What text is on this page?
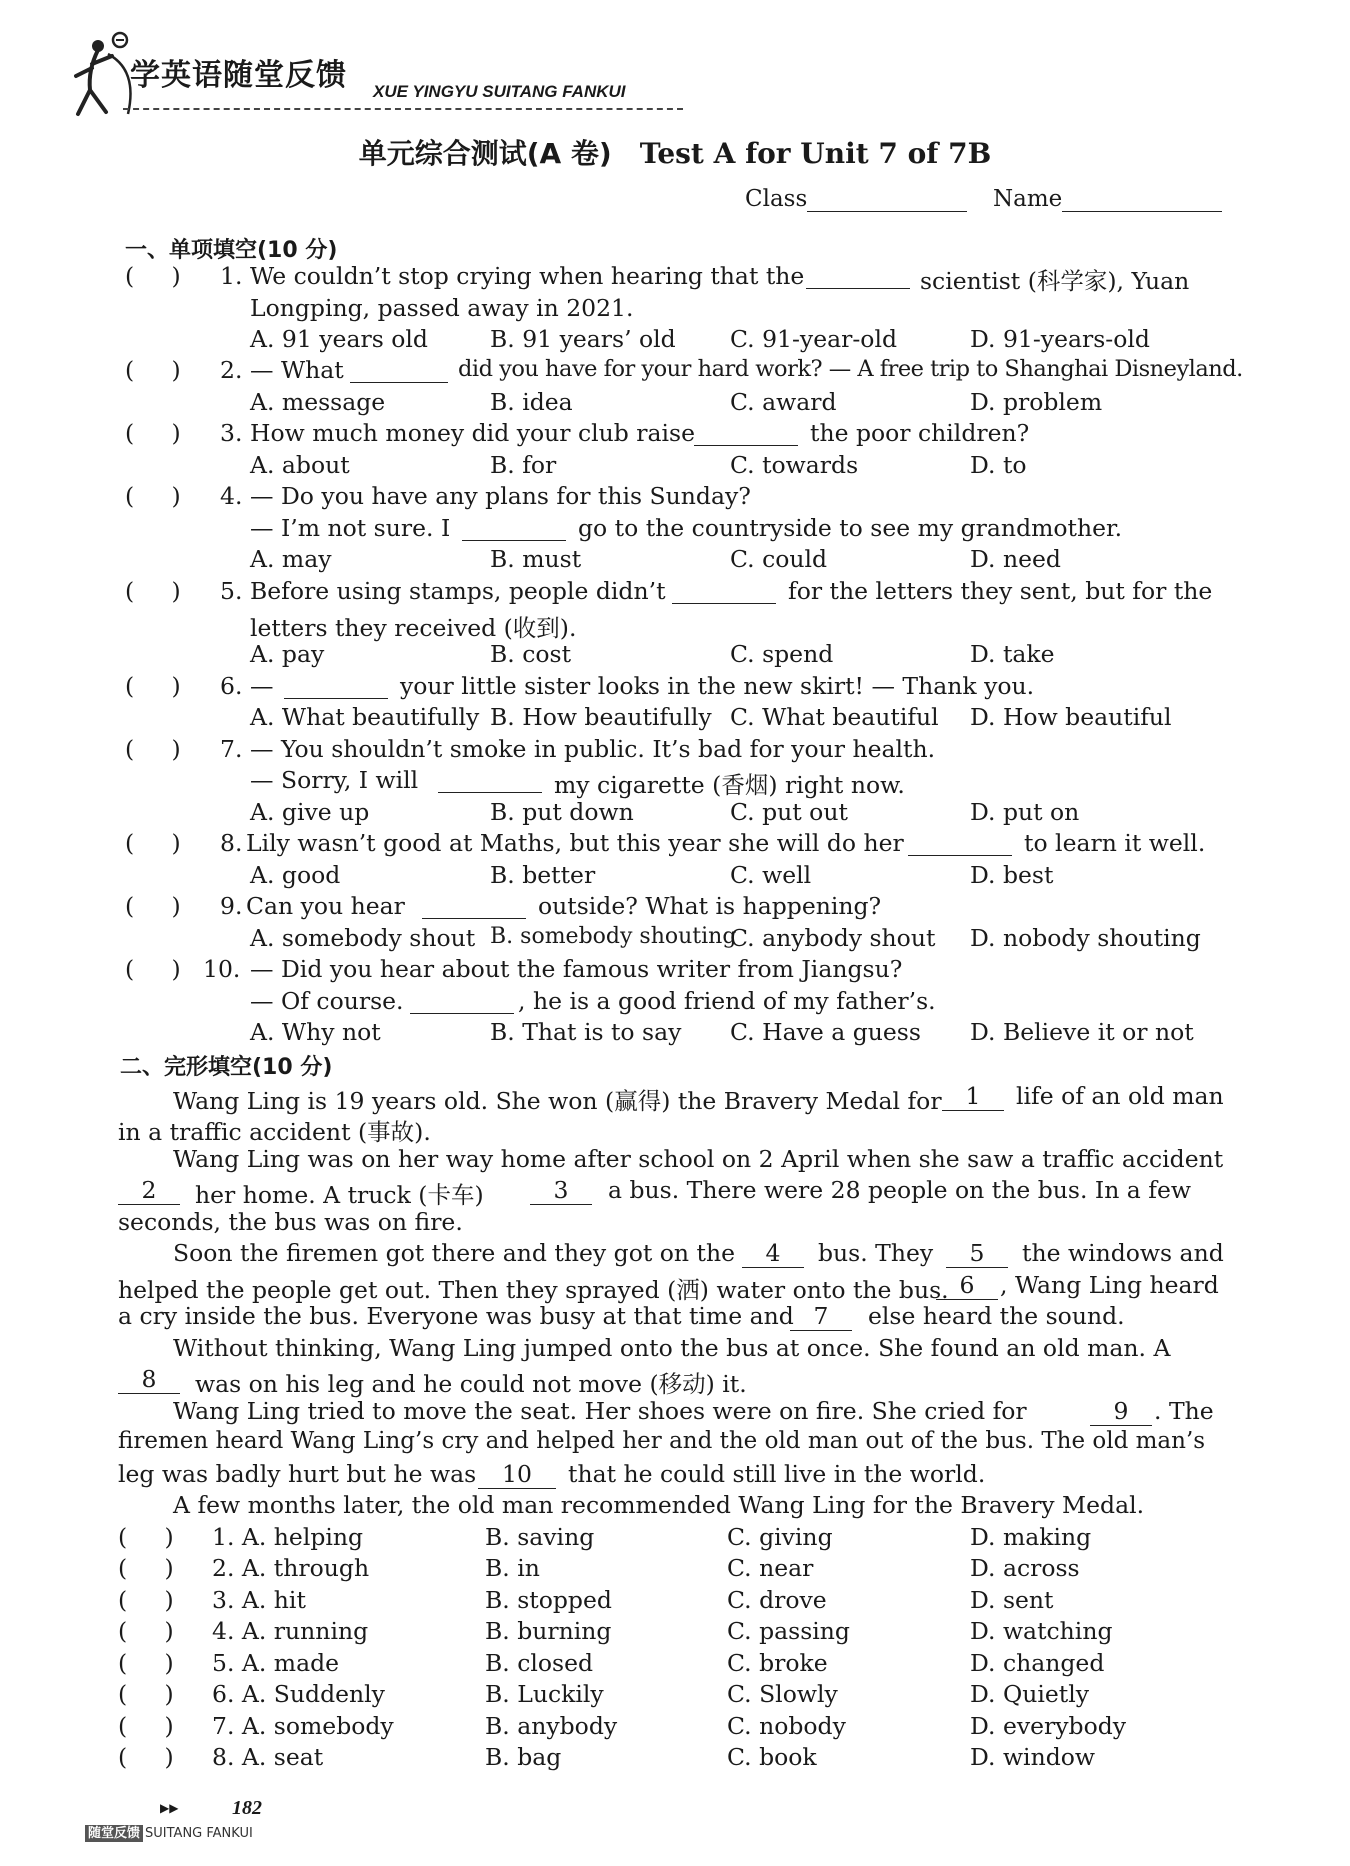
学英语随堂反馈 XUE YINGYU SUITANG FANKUI
单元综合测试(A 卷) Test A for Unit 7 of 7B
Class	Name
一、单项填空(10 分)
(     ) 1. We couldn’t stop crying when hearing that the	scientist (科学家), Yuan
Longping, passed away in 2021.
A. 91 years old	B. 91 years’ old C. 91-year-old	D. 91-years-old
(     ) 2. — What	did you have for your hard work? — A free trip to Shanghai Disneyland.
A. message	B. idea	C. award	D. problem
(     ) 3. How much money did your club raise	the poor children?
A. about	B. for	C. towards	D. to
(     ) 4. — Do you have any plans for this Sunday?
— I’m not sure. I	go to the countryside to see my grandmother.
A. may	B. must	C. could	D. need
(     ) 5. Before using stamps, people didn’t	for the letters they sent, but for the
letters they received (收到).
A. pay	B. cost	C. spend	D. take
(     ) 6. —	your little sister looks in the new skirt! — Thank you.
A. What beautifully B. How beautifully C. What beautiful D. How beautiful
(     ) 7. — You shouldn’t smoke in public. It’s bad for your health.
— Sorry, I will	my cigarette (香烟) right now.
A. give up	B. put down	C. put out	D. put on
(     ) 8. Lily wasn’t good at Maths, but this year she will do her	to learn it well.
A. good	B. better	C. well	D. best
(     ) 9. Can you hear	outside? What is happening?
A. somebody shout B. somebody shouting
C. anybody shout D. nobody shouting
(     ) 10. — Did you hear about the famous writer from Jiangsu?
— Of course.	, he is a good friend of my father’s.
A. Why not	B. That is to say C. Have a guess D. Believe it or not
二、完形填空(10 分)
Wang Ling is 19 years old. She won (赢得) the Bravery Medal for	1	life of an old man
in a traffic accident (事故).
Wang Ling was on her way home after school on 2 April when she saw a traffic accident
2	her home. A truck (卡车)	3	a bus. There were 28 people on the bus. In a few
seconds, the bus was on fire.
Soon the firemen got there and they got on the	4	bus. They	5	the windows and
helped the people get out. Then they sprayed (洒) water onto the bus. 6	, Wang Ling heard
a cry inside the bus. Everyone was busy at that time and 7	else heard the sound.
Without thinking, Wang Ling jumped onto the bus at once. She found an old man. A
8	was on his leg and he could not move (移动) it.
Wang Ling tried to move the seat. Her shoes were on fire. She cried for	9	. The
firemen heard Wang Ling’s cry and helped her and the old man out of the bus. The old man’s
leg was badly hurt but he was	10	that he could still live in the world.
A few months later, the old man recommended Wang Ling for the Bravery Medal.
(     ) 1. A. helping	B. saving	C. giving	D. making
(     ) 2. A. through	B. in	C. near	D. across
(     ) 3. A. hit	B. stopped	C. drove	D. sent
(     ) 4. A. running	B. burning	C. passing	D. watching
(     ) 5. A. made	B. closed	C. broke	D. changed
(     ) 6. A. Suddenly	B. Luckily	C. Slowly	D. Quietly
(     ) 7. A. somebody	B. anybody	C. nobody	D. everybody
(     ) 8. A. seat	B. bag	C. book	D. window
▶▶	182
随堂反馈 SUITANG FANKUI
